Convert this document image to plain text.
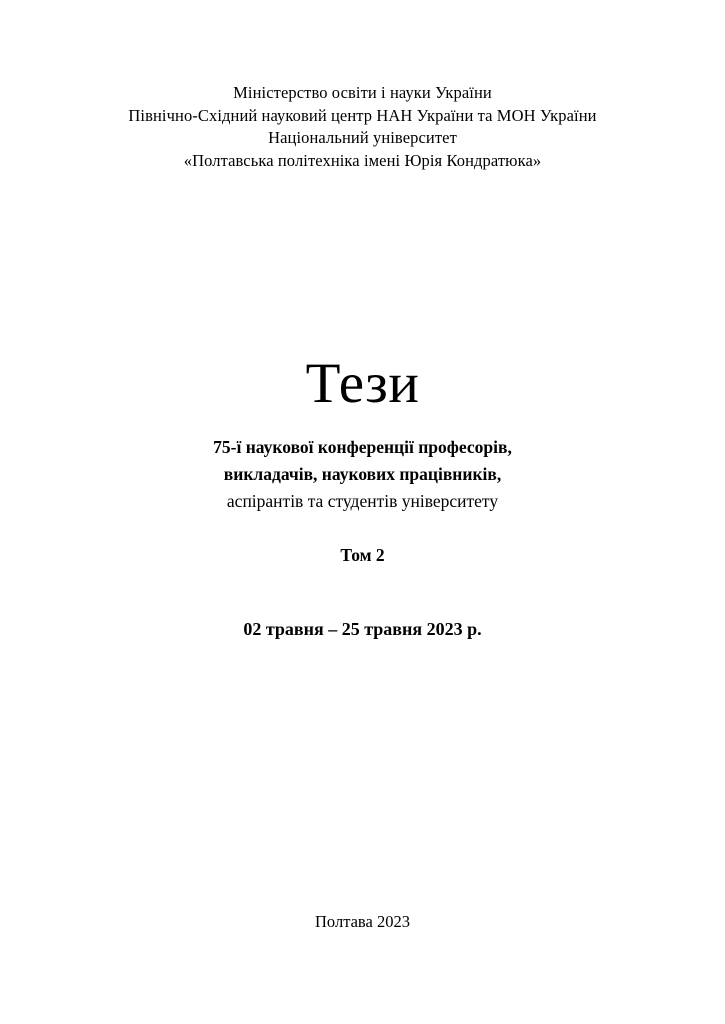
Міністерство освіти і науки України
Північно-Східний науковий центр НАН України та МОН України
Національний університет
«Полтавська політехніка імені Юрія Кондратюка»
Тези
75-ї наукової конференції професорів,
викладачів, наукових працівників,
аспірантів та студентів університету
Том 2
02 травня – 25 травня 2023 р.
Полтава 2023
